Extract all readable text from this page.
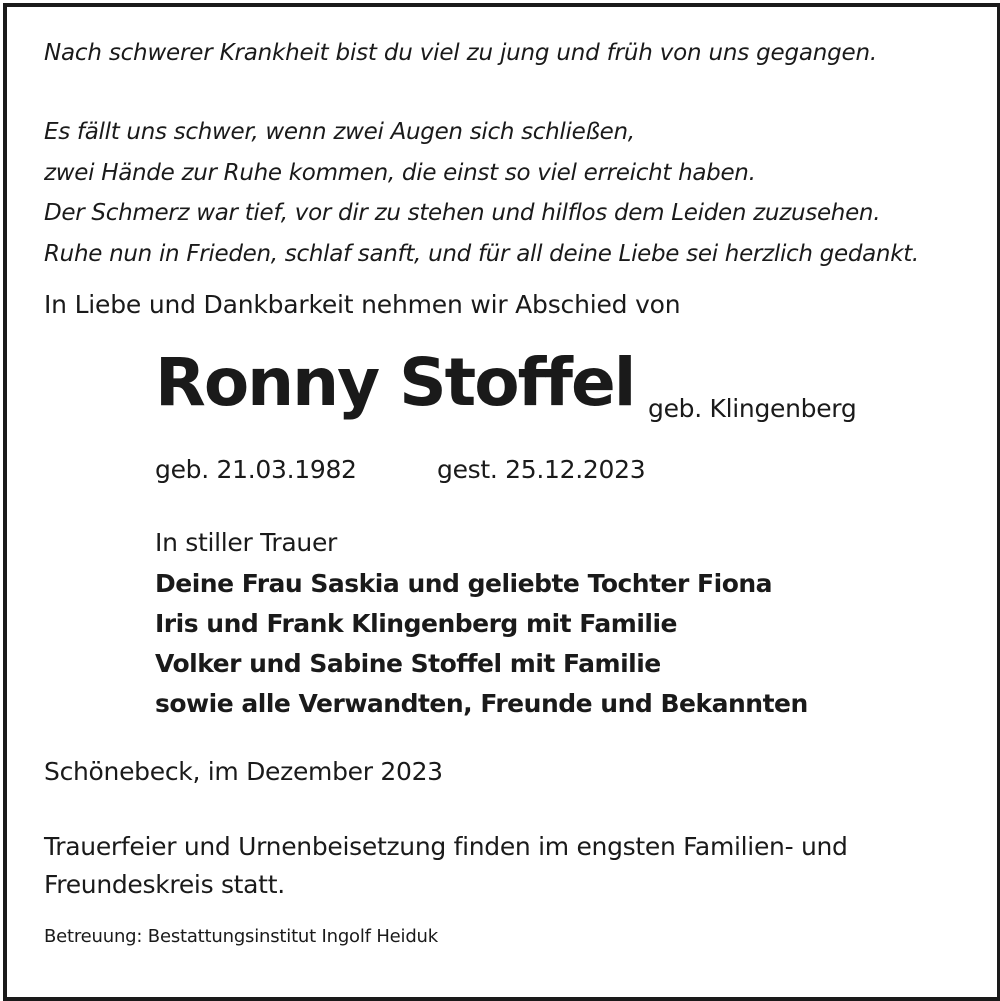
Nach schwerer Krankheit bist du viel zu jung und früh von uns gegangen.

Es fällt uns schwer, wenn zwei Augen sich schließen,
zwei Hände zur Ruhe kommen, die einst so viel erreicht haben.
Der Schmerz war tief, vor dir zu stehen und hilflos dem Leiden zuzusehen.
Ruhe nun in Frieden, schlaf sanft, und für all deine Liebe sei herzlich gedankt.

In Liebe und Dankbarkeit nehmen wir Abschied von

Ronny Stoffel geb. Klingenberg
geb. 21.03.1982	gest. 25.12.2023
In stiller Trauer
Deine Frau Saskia und geliebte Tochter Fiona
Iris und Frank Klingenberg mit Familie
Volker und Sabine Stoffel mit Familie
sowie alle Verwandten, Freunde und Bekannten
Schönebeck, im Dezember 2023
Trauerfeier und Urnenbeisetzung finden im engsten Familien- und
Freundeskreis statt.
Betreuung: Bestattungsinstitut Ingolf Heiduk
